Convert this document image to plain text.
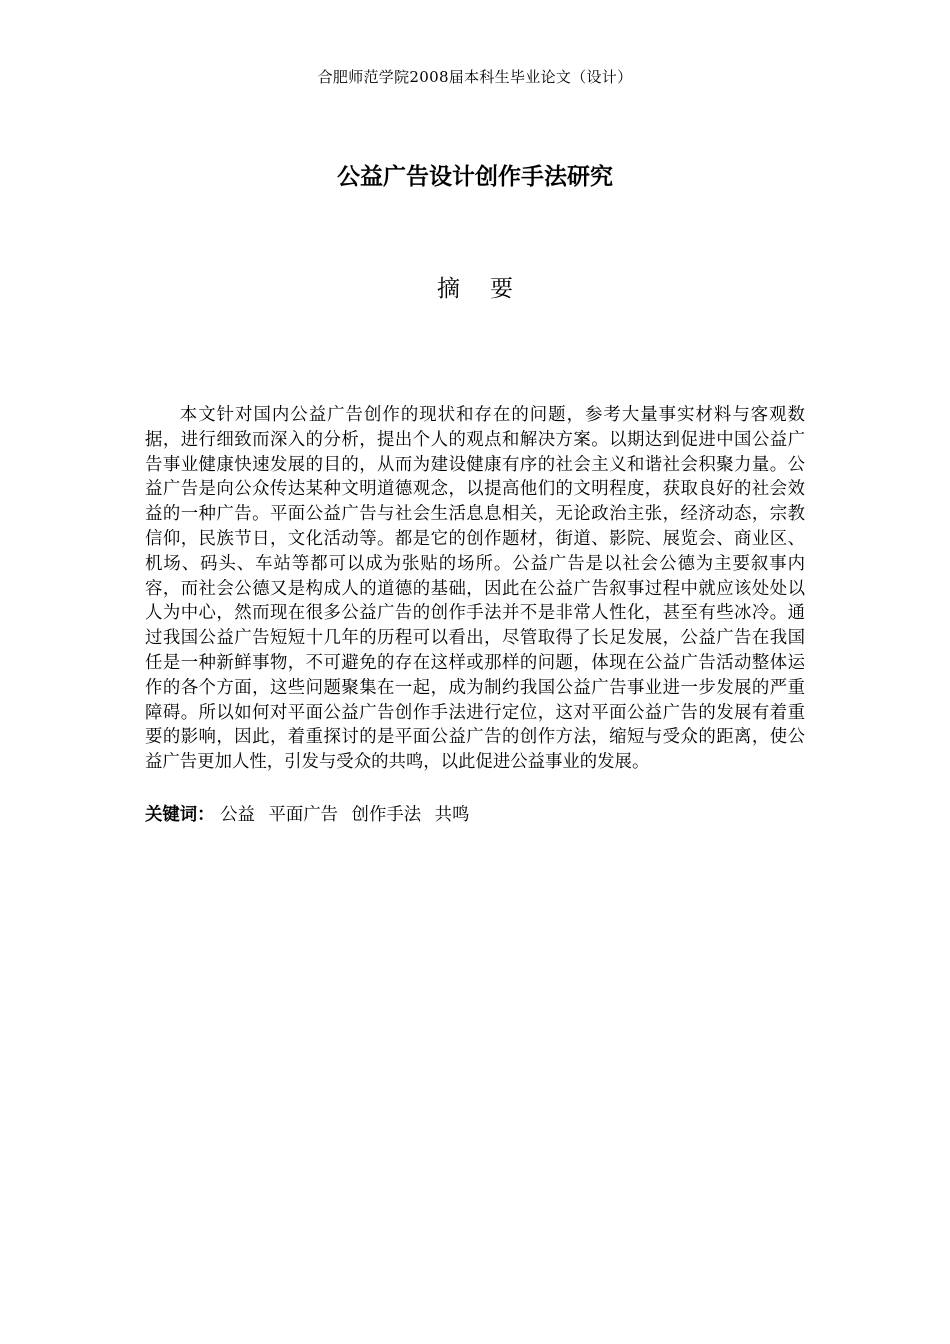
合肥师范学院2008届本科生毕业论文（设计）
公益广告设计创作手法研究
摘要

本文针对国内公益广告创作的现状和存在的问题，参考大量事实材料与客观数据，进行细致而深入的分析，提出个人的观点和解决方案。以期达到促进中国公益广告事业健康快速发展的目的，从而为建设健康有序的社会主义和谐社会积聚力量。公益广告是向公众传达某种文明道德观念，以提高他们的文明程度，获取良好的社会效益的一种广告。平面公益广告与社会生活息息相关，无论政治主张，经济动态，宗教信仰，民族节日，文化活动等。都是它的创作题材，街道、影院、展览会、商业区、机场、码头、车站等都可以成为张贴的场所。公益广告是以社会公德为主要叙事内容，而社会公德又是构成人的道德的基础，因此在公益广告叙事过程中就应该处处以人为中心，然而现在很多公益广告的创作手法并不是非常人性化，甚至有些冰冷。通过我国公益广告短短十几年的历程可以看出，尽管取得了长足发展，公益广告在我国任是一种新鲜事物，不可避免的存在这样或那样的问题，体现在公益广告活动整体运作的各个方面，这些问题聚集在一起，成为制约我国公益广告事业进一步发展的严重障碍。所以如何对平面公益广告创作手法进行定位，这对平面公益广告的发展有着重要的影响，因此，着重探讨的是平面公益广告的创作方法，缩短与受众的距离，使公益广告更加人性，引发与受众的共鸣，以此促进公益事业的发展。

关键词： 公益 平面广告 创作手法 共鸣
